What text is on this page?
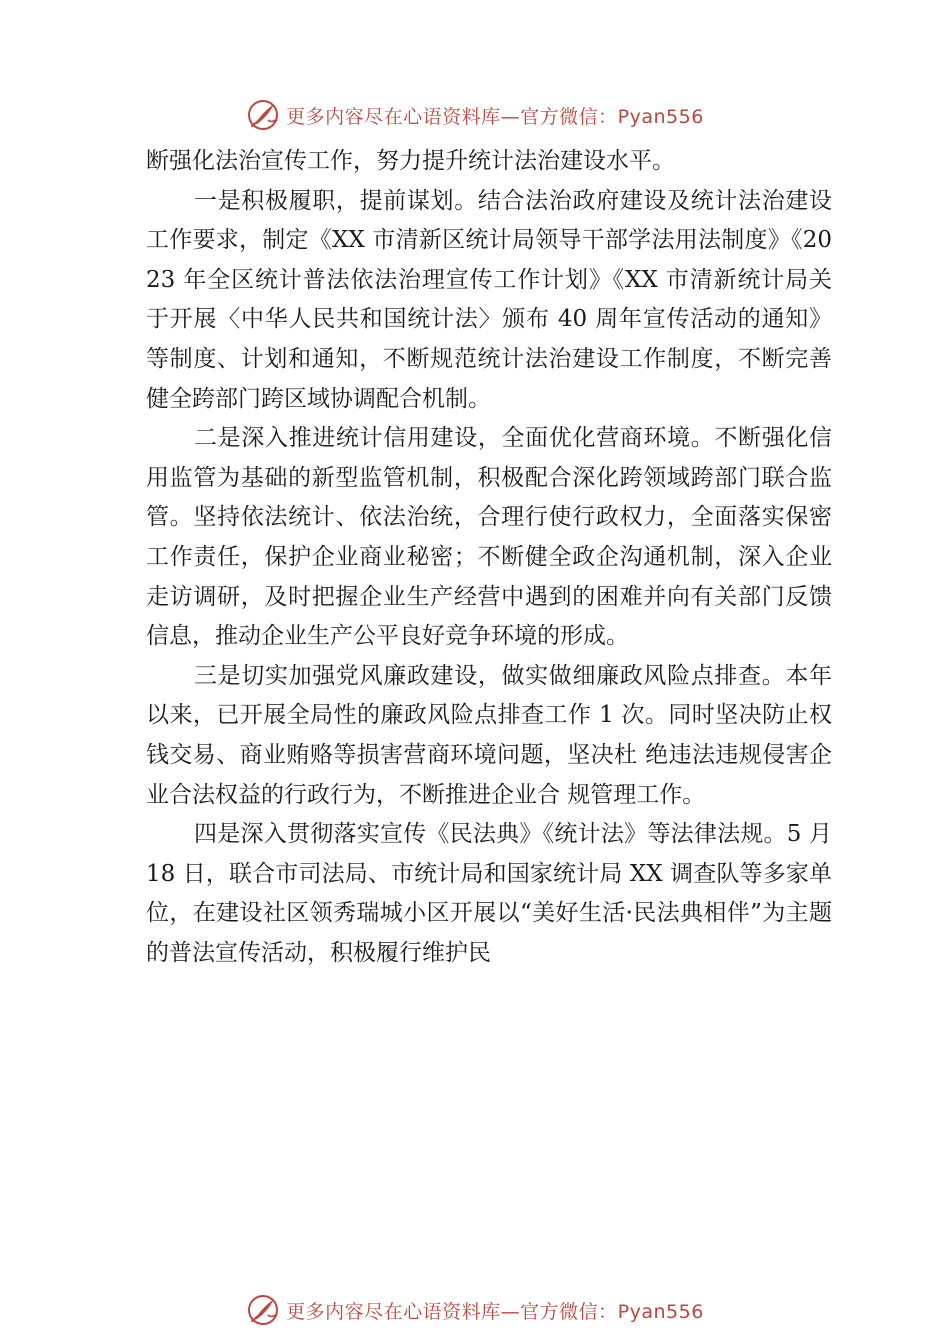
更多内容尽在心语资料库—官方微信：Pyan556

断强化法治宣传工作，努力提升统计法治建设水平。

一是积极履职，提前谋划。结合法治政府建设及统计法治建设工作要求，制定《XX 市清新区统计局领导干部学法用法制度》《2023 年全区统计普法依法治理宣传工作计划》《XX 市清新统计局关于开展〈中华人民共和国统计法〉颁布 40 周年宣传活动的通知》等制度、计划和通知，不断规范统计法治建设工作制度，不断完善健全跨部门跨区域协调配合机制。

二是深入推进统计信用建设，全面优化营商环境。不断强化信用监管为基础的新型监管机制，积极配合深化跨领域跨部门联合监管。坚持依法统计、依法治统，合理行使行政权力，全面落实保密工作责任，保护企业商业秘密；不断健全政企沟通机制，深入企业走访调研，及时把握企业生产经营中遇到的困难并向有关部门反馈信息，推动企业生产公平良好竞争环境的形成。

三是切实加强党风廉政建设，做实做细廉政风险点排查。本年以来，已开展全局性的廉政风险点排查工作 1 次。同时坚决防止权钱交易、商业贿赂等损害营商环境问题，坚决杜 绝违法违规侵害企业合法权益的行政行为，不断推进企业合 规管理工作。

四是深入贯彻落实宣传《民法典》《统计法》等法律法规。5 月 18 日，联合市司法局、市统计局和国家统计局 XX 调查队等多家单位，在建设社区领秀瑞城小区开展以“美好生活·民法典相伴”为主题的普法宣传活动，积极履行维护民

更多内容尽在心语资料库—官方微信：Pyan556
